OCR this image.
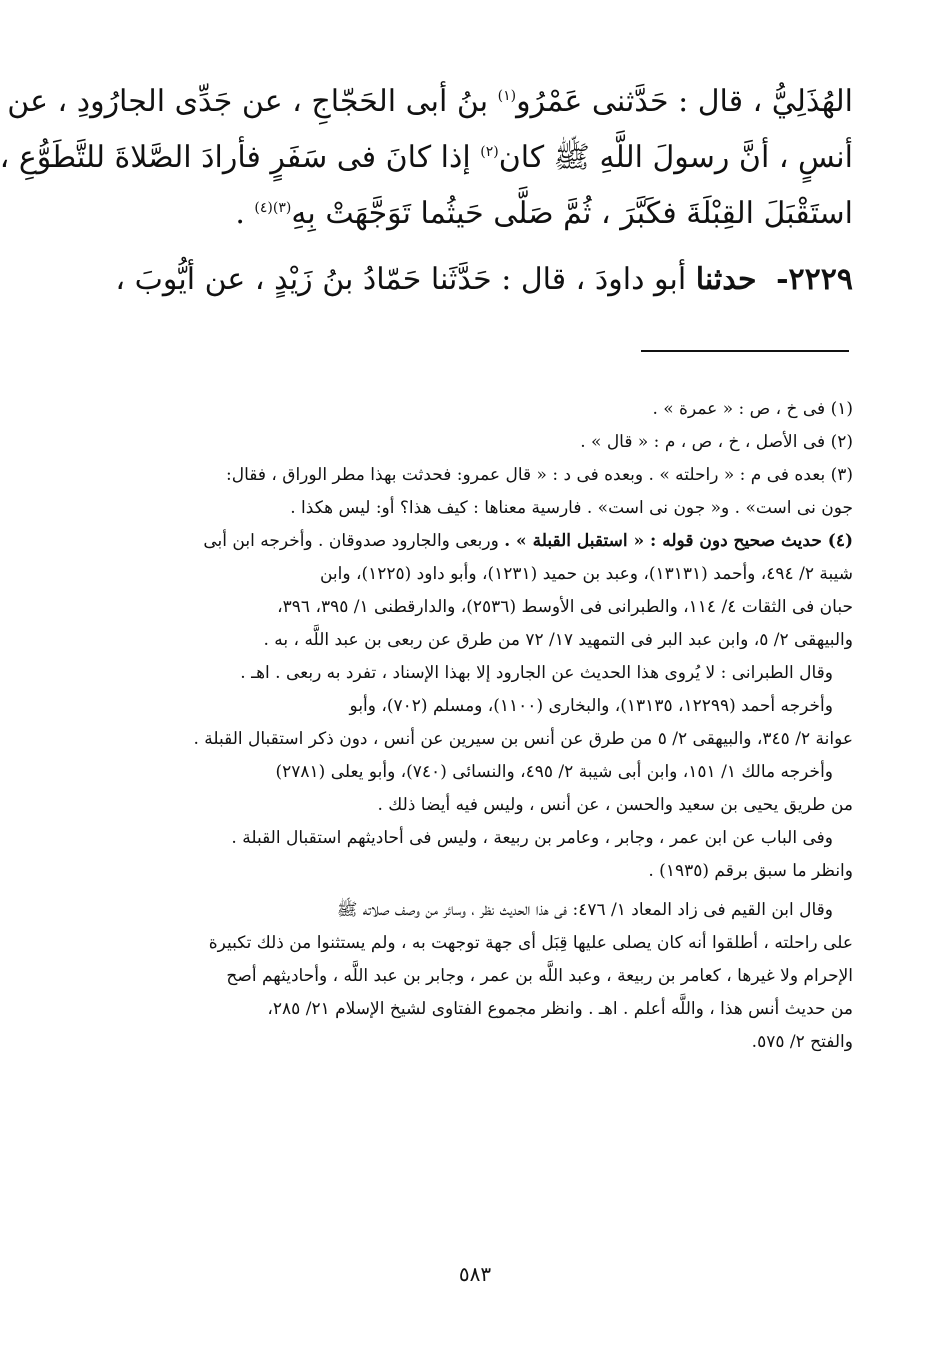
الهُذَلِيُّ ، قال : حَدَّثنى عَمْرُو$^{(١)}$ بنُ أبى الحَجّاجِ ، عن جَدِّى الجارُودِ ، عن
أنسٍ ، أنَّ رسولَ اللَّهِ ﷺ كان$^{(٢)}$ إذا كانَ فى سَفَرٍ فأرادَ الصَّلاةَ للتَّطَوُّعِ ،
استَقْبَلَ القِبْلَةَ فكَبَّرَ ، ثُمَّ صَلَّى حَيثُما تَوَجَّهَتْ بِهِ$^{(٣)(٤)}$ .
٢٢٢٩- حدثنا أبو داودَ ، قال : حَدَّثَنا حَمّادُ بنُ زَيْدٍ ، عن أيُّوبَ ،
(١) فى خ ، ص : « عمرة » .
(٢) فى الأصل ، خ ، ص ، م : « قال » .
(٣) بعده فى م : « راحلته » . وبعده فى د : « قال عمرو: فحدثت بهذا مطر الوراق ، فقال:
جون نى است» . و« جون نى است» . فارسية معناها : كيف هذا؟ أو: ليس هكذا .
(٤) حديث صحيح دون قوله : « استقبل القبلة » . وربعى والجارود صدوقان . وأخرجه ابن أبى
شيبة ٢/ ٤٩٤، وأحمد (١٣١٣١)، وعبد بن حميد (١٢٣١)، وأبو داود (١٢٢٥)، وابن
حبان فى الثقات ٤/ ١١٤، والطبرانى فى الأوسط (٢٥٣٦)، والدارقطنى ١/ ٣٩٥، ٣٩٦،
والبيهقى ٢/ ٥، وابن عبد البر فى التمهيد ١٧/ ٧٢ من طرق عن ربعى بن عبد اللَّه ، به .
وقال الطبرانى : لا يُروى هذا الحديث عن الجارود إلا بهذا الإسناد ، تفرد به ربعى . اهـ .
وأخرجه أحمد (١٢٢٩٩، ١٣١٣٥)، والبخارى (١١٠٠)، ومسلم (٧٠٢)، وأبو
عوانة ٢/ ٣٤٥، والبيهقى ٢/ ٥ من طرق عن أنس بن سيرين عن أنس ، دون ذكر استقبال القبلة .
وأخرجه مالك ١/ ١٥١، وابن أبى شيبة ٢/ ٤٩٥، والنسائى (٧٤٠)، وأبو يعلى (٢٧٨١)
من طريق يحيى بن سعيد والحسن ، عن أنس ، وليس فيه أيضا ذلك .
وفى الباب عن ابن عمر ، وجابر ، وعامر بن ربيعة ، وليس فى أحاديثهم استقبال القبلة .
وانظر ما سبق برقم (١٩٣٥) .
وقال ابن القيم فى زاد المعاد ١/ ٤٧٦: فى هذا الحديث نظر ، وسائر من وصف صلاته ﷺ
على راحلته ، أطلقوا أنه كان يصلى عليها قِبَل أى جهة توجهت به ، ولم يستثنوا من ذلك تكبيرة
الإحرام ولا غيرها ، كعامر بن ربيعة ، وعبد اللَّه بن عمر ، وجابر بن عبد اللَّه ، وأحاديثهم أصح
من حديث أنس هذا ، واللَّه أعلم . اهـ . وانظر مجموع الفتاوى لشيخ الإسلام ٢١/ ٢٨٥،
والفتح ٢/ ٥٧٥.
٥٨٣
